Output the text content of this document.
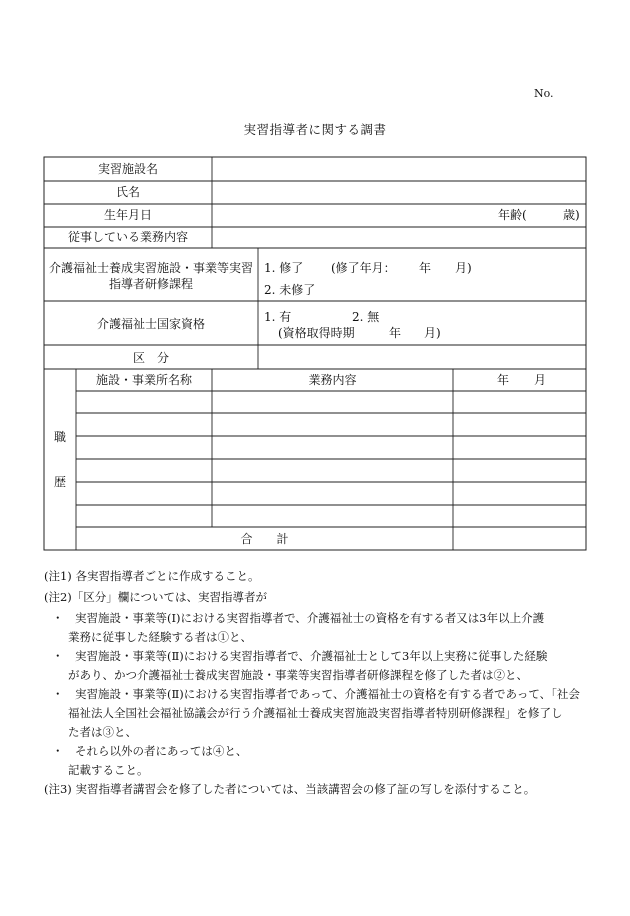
No.
実習指導者に関する調書
実習施設名
氏名
生年月日	年齢(	歳)
従事している業務内容
介護福祉士養成実習施設・事業等実習
指導者研修課程
1. 修了 (修了年月： 年 月)
2. 未修了
介護福祉士国家資格	1. 有	2. 無
(資格取得時期	年 月)
区　分
職
歴
施設・事業所名称	業務内容	年 月
合　　計
(注1) 各実習指導者ごとに作成すること。
(注2)「区分」欄については、実習指導者が
・　実習施設・事業等(Ⅰ)における実習指導者で、介護福祉士の資格を有する者又は3年以上介護
業務に従事した経験する者は①と、
・　実習施設・事業等(Ⅱ)における実習指導者で、介護福祉士として3年以上実務に従事した経験
があり、かつ介護福祉士養成実習施設・事業等実習指導者研修課程を修了した者は②と、
・　実習施設・事業等(Ⅱ)における実習指導者であって、介護福祉士の資格を有する者であって、「社会
福祉法人全国社会福祉協議会が行う介護福祉士養成実習施設実習指導者特別研修課程」を修了し
た者は③と、
・　それら以外の者にあっては④と、
記載すること。
(注3) 実習指導者講習会を修了した者については、当該講習会の修了証の写しを添付すること。
